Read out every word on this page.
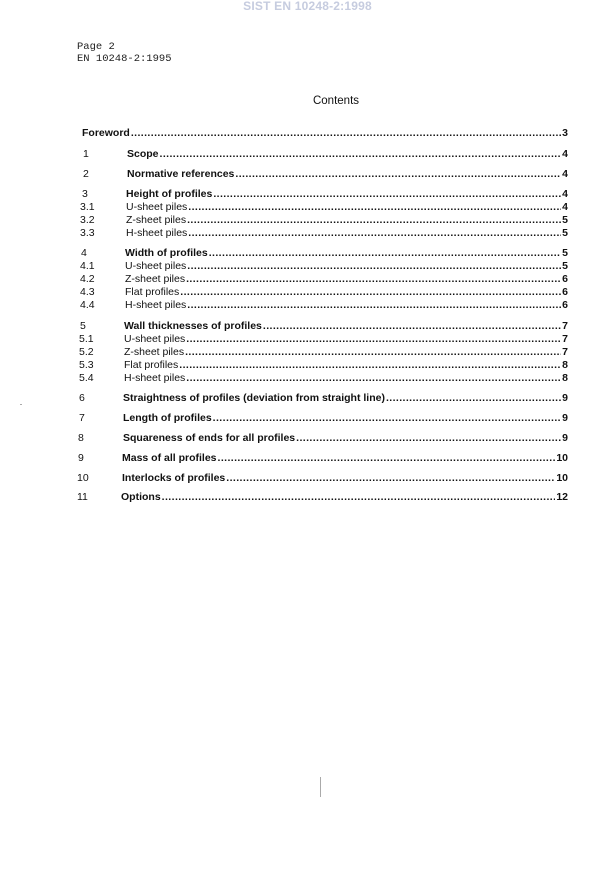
SIST EN 10248-2:1998
Page 2
EN 10248-2:1995
Contents
Foreword .....	3
1	Scope .....	4
2	Normative references .....	4
3	Height of profiles .....	4
3.1	U-sheet piles .....	4
3.2	Z-sheet piles .....	5
3.3	H-sheet piles .....	5
4	Width of profiles .....	5
4.1	U-sheet piles .....	5
4.2	Z-sheet piles .....	6
4.3	Flat profiles .....	6
4.4	H-sheet piles .....	6
5	Wall thicknesses of profiles .....	7
5.1	U-sheet piles .....	7
5.2	Z-sheet piles .....	7
5.3	Flat profiles .....	8
5.4	H-sheet piles .....	8
6	Straightness of profiles (deviation from straight line) .....	9
7	Length of profiles .....	9
8	Squareness of ends for all profiles .....	9
9	Mass of all profiles .....	10
10	Interlocks of profiles .....	10
11	Options .....	12
